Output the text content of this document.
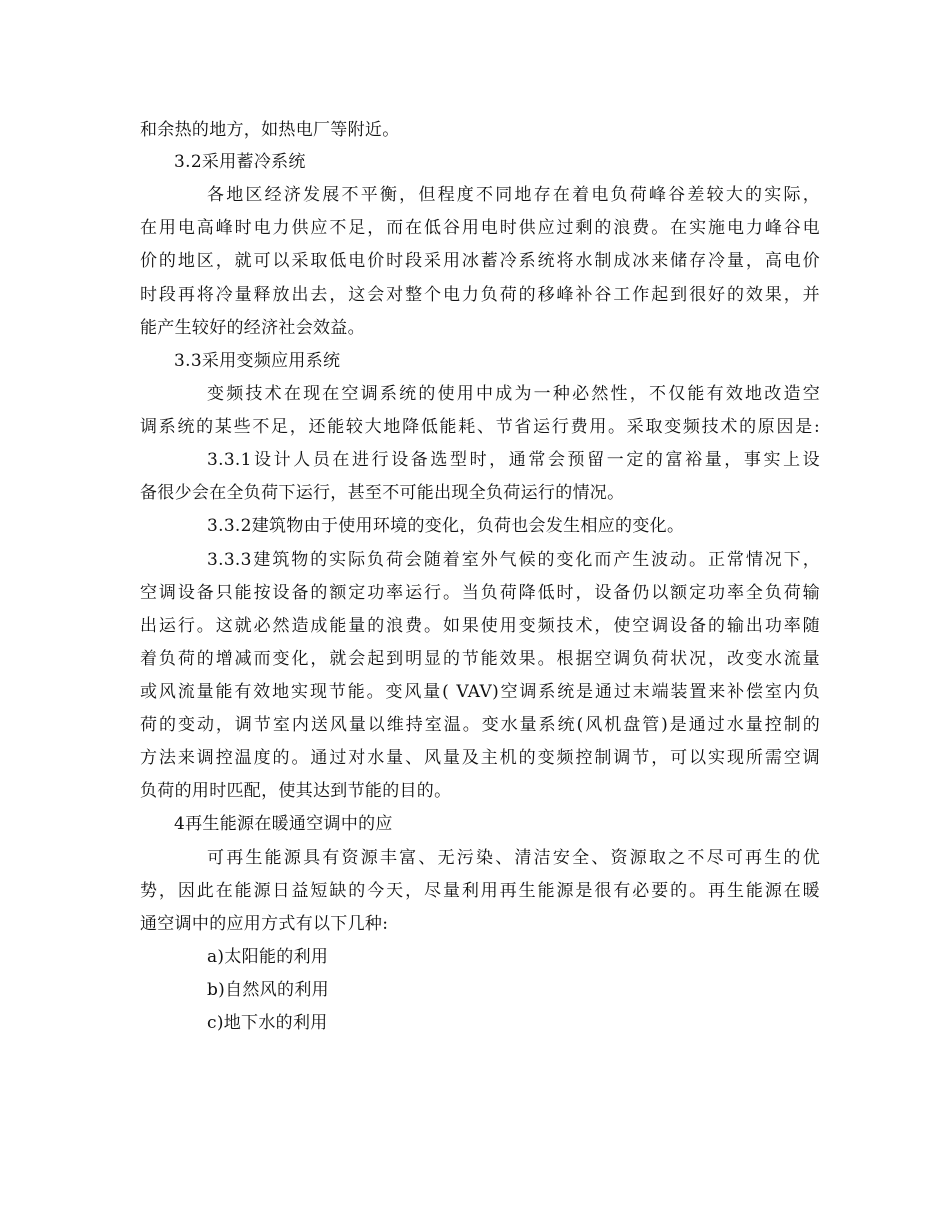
和余热的地方，如热电厂等附近。
3.2采用蓄冷系统
各地区经济发展不平衡，但程度不同地存在着电负荷峰谷差较大的实际，
在用电高峰时电力供应不足，而在低谷用电时供应过剩的浪费。在实施电力峰谷电
价的地区，就可以采取低电价时段采用冰蓄冷系统将水制成冰来储存冷量，高电价
时段再将冷量释放出去，这会对整个电力负荷的移峰补谷工作起到很好的效果，并
能产生较好的经济社会效益。
3.3采用变频应用系统
变频技术在现在空调系统的使用中成为一种必然性，不仅能有效地改造空
调系统的某些不足，还能较大地降低能耗、节省运行费用。采取变频技术的原因是:
3.3.1设计人员在进行设备选型时，通常会预留一定的富裕量，事实上设
备很少会在全负荷下运行，甚至不可能出现全负荷运行的情况。
3.3.2建筑物由于使用环境的变化，负荷也会发生相应的变化。
3.3.3建筑物的实际负荷会随着室外气候的变化而产生波动。正常情况下，
空调设备只能按设备的额定功率运行。当负荷降低时，设备仍以额定功率全负荷输
出运行。这就必然造成能量的浪费。如果使用变频技术，使空调设备的输出功率随
着负荷的增减而变化，就会起到明显的节能效果。根据空调负荷状况，改变水流量
或风流量能有效地实现节能。变风量( VAV)空调系统是通过末端装置来补偿室内负
荷的变动，调节室内送风量以维持室温。变水量系统(风机盘管)是通过水量控制的
方法来调控温度的。通过对水量、风量及主机的变频控制调节，可以实现所需空调
负荷的用时匹配，使其达到节能的目的。
4再生能源在暖通空调中的应
可再生能源具有资源丰富、无污染、清洁安全、资源取之不尽可再生的优
势，因此在能源日益短缺的今天，尽量利用再生能源是很有必要的。再生能源在暖
通空调中的应用方式有以下几种:
a)太阳能的利用
b)自然风的利用
c)地下水的利用
